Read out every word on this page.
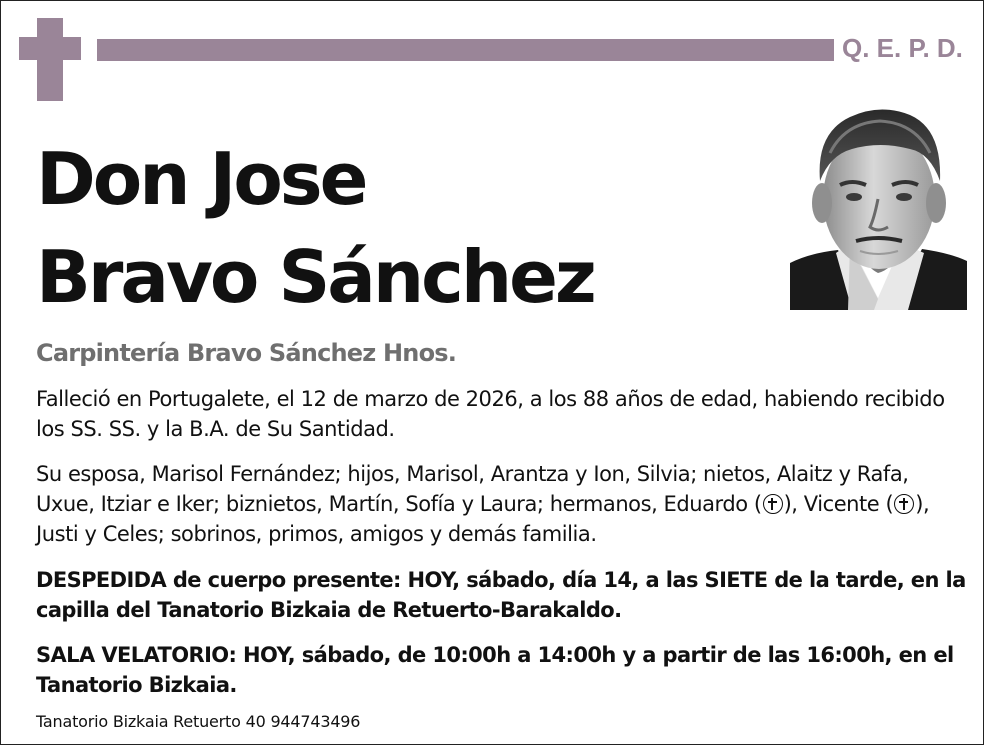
Q. E. P. D.
Don Jose
Bravo Sánchez
Carpintería Bravo Sánchez Hnos.
Falleció en Portugalete, el 12 de marzo de 2026, a los 88 años de edad, habiendo recibido los SS. SS. y la B.A. de Su Santidad.
Su esposa, Marisol Fernández; hijos, Marisol, Arantza y Ion, Silvia; nietos, Alaitz y Rafa, Uxue, Itziar e Iker; biznietos, Martín, Sofía y Laura; hermanos, Eduardo ( ), Vicente ( ), Justi y Celes; sobrinos, primos, amigos y demás familia.
DESPEDIDA de cuerpo presente: HOY, sábado, día 14, a las SIETE de la tarde, en la capilla del Tanatorio Bizkaia de Retuerto-Barakaldo.
SALA VELATORIO: HOY, sábado, de 10:00h a 14:00h y a partir de las 16:00h, en el Tanatorio Bizkaia.
Tanatorio Bizkaia Retuerto 40 944743496
